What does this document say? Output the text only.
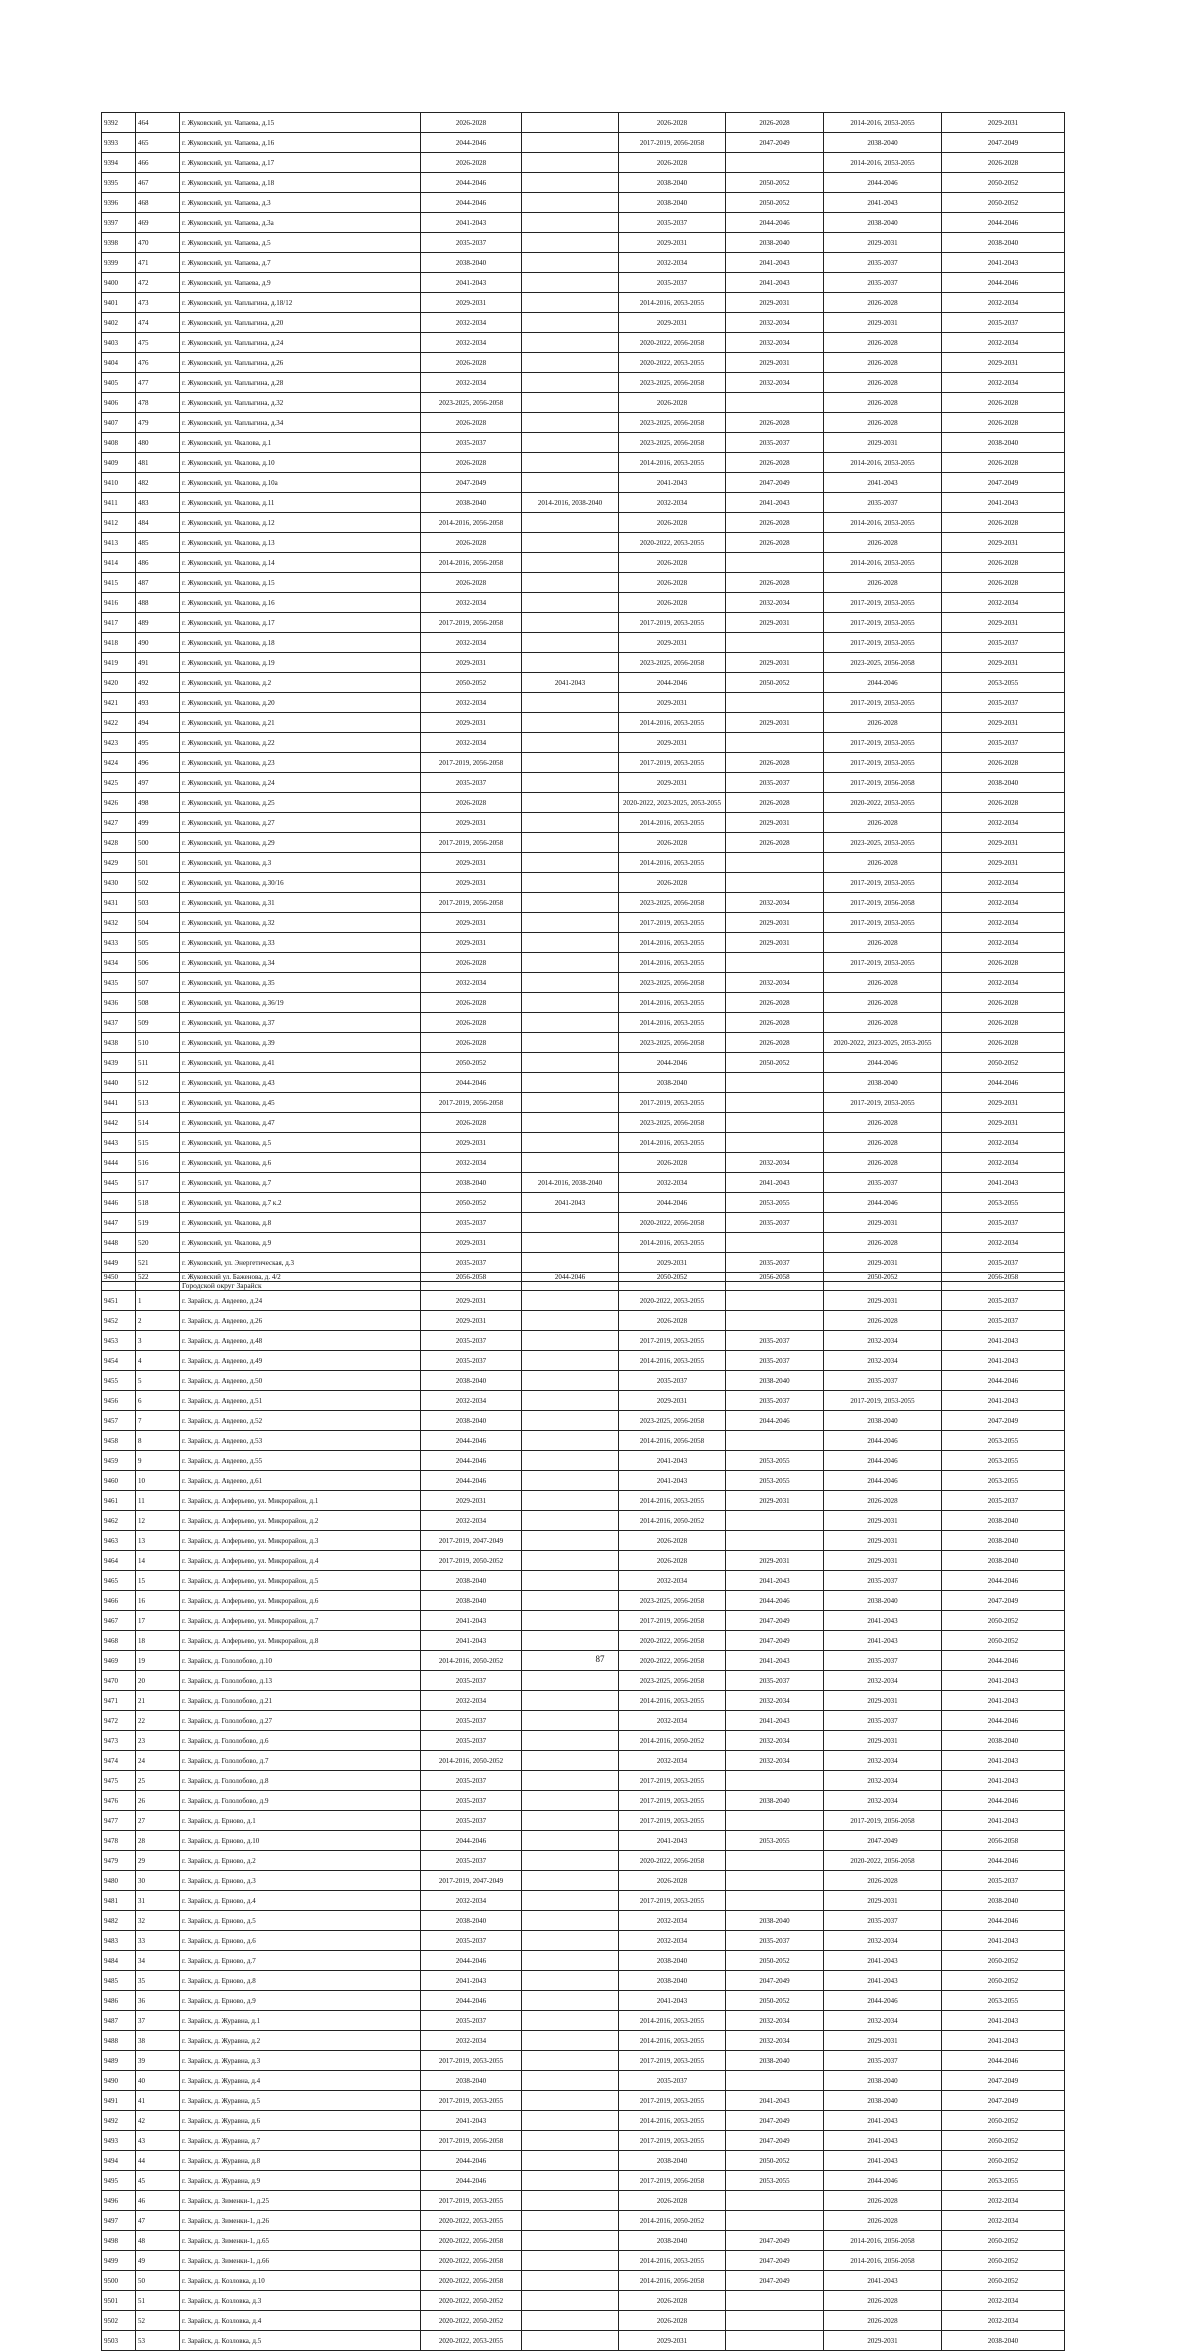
9392	464	г. Жуковский, ул. Чапаева, д.15	2026-2028		2026-2028	2026-2028	2014-2016, 2053-2055	2029-2031
9393	465	г. Жуковский, ул. Чапаева, д.16	2044-2046		2017-2019, 2056-2058	2047-2049	2038-2040	2047-2049
9394	466	г. Жуковский, ул. Чапаева, д.17	2026-2028		2026-2028		2014-2016, 2053-2055	2026-2028
9395	467	г. Жуковский, ул. Чапаева, д.18	2044-2046		2038-2040	2050-2052	2044-2046	2050-2052
9396	468	г. Жуковский, ул. Чапаева, д.3	2044-2046		2038-2040	2050-2052	2041-2043	2050-2052
9397	469	г. Жуковский, ул. Чапаева, д.3а	2041-2043		2035-2037	2044-2046	2038-2040	2044-2046
9398	470	г. Жуковский, ул. Чапаева, д.5	2035-2037		2029-2031	2038-2040	2029-2031	2038-2040
9399	471	г. Жуковский, ул. Чапаева, д.7	2038-2040		2032-2034	2041-2043	2035-2037	2041-2043
9400	472	г. Жуковский, ул. Чапаева, д.9	2041-2043		2035-2037	2041-2043	2035-2037	2044-2046
9401	473	г. Жуковский, ул. Чаплыгина, д.18/12	2029-2031		2014-2016, 2053-2055	2029-2031	2026-2028	2032-2034
9402	474	г. Жуковский, ул. Чаплыгина, д.20	2032-2034		2029-2031	2032-2034	2029-2031	2035-2037
9403	475	г. Жуковский, ул. Чаплыгина, д.24	2032-2034		2020-2022, 2056-2058	2032-2034	2026-2028	2032-2034
9404	476	г. Жуковский, ул. Чаплыгина, д.26	2026-2028		2020-2022, 2053-2055	2029-2031	2026-2028	2029-2031
9405	477	г. Жуковский, ул. Чаплыгина, д.28	2032-2034		2023-2025, 2056-2058	2032-2034	2026-2028	2032-2034
9406	478	г. Жуковский, ул. Чаплыгина, д.32	2023-2025, 2056-2058		2026-2028		2026-2028	2026-2028
9407	479	г. Жуковский, ул. Чаплыгина, д.34	2026-2028		2023-2025, 2056-2058	2026-2028	2026-2028	2026-2028
9408	480	г. Жуковский, ул. Чкалова, д.1	2035-2037		2023-2025, 2056-2058	2035-2037	2029-2031	2038-2040
9409	481	г. Жуковский, ул. Чкалова, д.10	2026-2028		2014-2016, 2053-2055	2026-2028	2014-2016, 2053-2055	2026-2028
9410	482	г. Жуковский, ул. Чкалова, д.10а	2047-2049		2041-2043	2047-2049	2041-2043	2047-2049
9411	483	г. Жуковский, ул. Чкалова, д.11	2038-2040	2014-2016, 2038-2040	2032-2034	2041-2043	2035-2037	2041-2043
9412	484	г. Жуковский, ул. Чкалова, д.12	2014-2016, 2056-2058		2026-2028	2026-2028	2014-2016, 2053-2055	2026-2028
9413	485	г. Жуковский, ул. Чкалова, д.13	2026-2028		2020-2022, 2053-2055	2026-2028	2026-2028	2029-2031
9414	486	г. Жуковский, ул. Чкалова, д.14	2014-2016, 2056-2058		2026-2028		2014-2016, 2053-2055	2026-2028
9415	487	г. Жуковский, ул. Чкалова, д.15	2026-2028		2026-2028	2026-2028	2026-2028	2026-2028
9416	488	г. Жуковский, ул. Чкалова, д.16	2032-2034		2026-2028	2032-2034	2017-2019, 2053-2055	2032-2034
9417	489	г. Жуковский, ул. Чкалова, д.17	2017-2019, 2056-2058		2017-2019, 2053-2055	2029-2031	2017-2019, 2053-2055	2029-2031
9418	490	г. Жуковский, ул. Чкалова, д.18	2032-2034		2029-2031		2017-2019, 2053-2055	2035-2037
9419	491	г. Жуковский, ул. Чкалова, д.19	2029-2031		2023-2025, 2056-2058	2029-2031	2023-2025, 2056-2058	2029-2031
9420	492	г. Жуковский, ул. Чкалова, д.2	2050-2052	2041-2043	2044-2046	2050-2052	2044-2046	2053-2055
9421	493	г. Жуковский, ул. Чкалова, д.20	2032-2034		2029-2031		2017-2019, 2053-2055	2035-2037
9422	494	г. Жуковский, ул. Чкалова, д.21	2029-2031		2014-2016, 2053-2055	2029-2031	2026-2028	2029-2031
9423	495	г. Жуковский, ул. Чкалова, д.22	2032-2034		2029-2031		2017-2019, 2053-2055	2035-2037
9424	496	г. Жуковский, ул. Чкалова, д.23	2017-2019, 2056-2058		2017-2019, 2053-2055	2026-2028	2017-2019, 2053-2055	2026-2028
9425	497	г. Жуковский, ул. Чкалова, д.24	2035-2037		2029-2031	2035-2037	2017-2019, 2056-2058	2038-2040
9426	498	г. Жуковский, ул. Чкалова, д.25	2026-2028		2020-2022, 2023-2025, 2053-2055	2026-2028	2020-2022, 2053-2055	2026-2028
9427	499	г. Жуковский, ул. Чкалова, д.27	2029-2031		2014-2016, 2053-2055	2029-2031	2026-2028	2032-2034
9428	500	г. Жуковский, ул. Чкалова, д.29	2017-2019, 2056-2058		2026-2028	2026-2028	2023-2025, 2053-2055	2029-2031
9429	501	г. Жуковский, ул. Чкалова, д.3	2029-2031		2014-2016, 2053-2055		2026-2028	2029-2031
9430	502	г. Жуковский, ул. Чкалова, д.30/16	2029-2031		2026-2028		2017-2019, 2053-2055	2032-2034
9431	503	г. Жуковский, ул. Чкалова, д.31	2017-2019, 2056-2058		2023-2025, 2056-2058	2032-2034	2017-2019, 2056-2058	2032-2034
9432	504	г. Жуковский, ул. Чкалова, д.32	2029-2031		2017-2019, 2053-2055	2029-2031	2017-2019, 2053-2055	2032-2034
9433	505	г. Жуковский, ул. Чкалова, д.33	2029-2031		2014-2016, 2053-2055	2029-2031	2026-2028	2032-2034
9434	506	г. Жуковский, ул. Чкалова, д.34	2026-2028		2014-2016, 2053-2055		2017-2019, 2053-2055	2026-2028
9435	507	г. Жуковский, ул. Чкалова, д.35	2032-2034		2023-2025, 2056-2058	2032-2034	2026-2028	2032-2034
9436	508	г. Жуковский, ул. Чкалова, д.36/19	2026-2028		2014-2016, 2053-2055	2026-2028	2026-2028	2026-2028
9437	509	г. Жуковский, ул. Чкалова, д.37	2026-2028		2014-2016, 2053-2055	2026-2028	2026-2028	2026-2028
9438	510	г. Жуковский, ул. Чкалова, д.39	2026-2028		2023-2025, 2056-2058	2026-2028	2020-2022, 2023-2025, 2053-2055	2026-2028
9439	511	г. Жуковский, ул. Чкалова, д.41	2050-2052		2044-2046	2050-2052	2044-2046	2050-2052
9440	512	г. Жуковский, ул. Чкалова, д.43	2044-2046		2038-2040		2038-2040	2044-2046
9441	513	г. Жуковский, ул. Чкалова, д.45	2017-2019, 2056-2058		2017-2019, 2053-2055		2017-2019, 2053-2055	2029-2031
9442	514	г. Жуковский, ул. Чкалова, д.47	2026-2028		2023-2025, 2056-2058		2026-2028	2029-2031
9443	515	г. Жуковский, ул. Чкалова, д.5	2029-2031		2014-2016, 2053-2055		2026-2028	2032-2034
9444	516	г. Жуковский, ул. Чкалова, д.6	2032-2034		2026-2028	2032-2034	2026-2028	2032-2034
9445	517	г. Жуковский, ул. Чкалова, д.7	2038-2040	2014-2016, 2038-2040	2032-2034	2041-2043	2035-2037	2041-2043
9446	518	г. Жуковский, ул. Чкалова, д.7 к.2	2050-2052	2041-2043	2044-2046	2053-2055	2044-2046	2053-2055
9447	519	г. Жуковский, ул. Чкалова, д.8	2035-2037		2020-2022, 2056-2058	2035-2037	2029-2031	2035-2037
9448	520	г. Жуковский, ул. Чкалова, д.9	2029-2031		2014-2016, 2053-2055		2026-2028	2032-2034
9449	521	г. Жуковский, ул. Энергетическая, д.3	2035-2037		2029-2031	2035-2037	2029-2031	2035-2037
9450	522	г. Жуковский ул. Баженова, д. 4/2	2056-2058	2044-2046	2050-2052	2056-2058	2050-2052	2056-2058
		Городской округ Зарайск						
9451	1	г. Зарайск, д. Авдеево, д.24	2029-2031		2020-2022, 2053-2055		2029-2031	2035-2037
9452	2	г. Зарайск, д. Авдеево, д.26	2029-2031		2026-2028		2026-2028	2035-2037
9453	3	г. Зарайск, д. Авдеево, д.48	2035-2037		2017-2019, 2053-2055	2035-2037	2032-2034	2041-2043
9454	4	г. Зарайск, д. Авдеево, д.49	2035-2037		2014-2016, 2053-2055	2035-2037	2032-2034	2041-2043
9455	5	г. Зарайск, д. Авдеево, д.50	2038-2040		2035-2037	2038-2040	2035-2037	2044-2046
9456	6	г. Зарайск, д. Авдеево, д.51	2032-2034		2029-2031	2035-2037	2017-2019, 2053-2055	2041-2043
9457	7	г. Зарайск, д. Авдеево, д.52	2038-2040		2023-2025, 2056-2058	2044-2046	2038-2040	2047-2049
9458	8	г. Зарайск, д. Авдеево, д.53	2044-2046		2014-2016, 2056-2058		2044-2046	2053-2055
9459	9	г. Зарайск, д. Авдеево, д.55	2044-2046		2041-2043	2053-2055	2044-2046	2053-2055
9460	10	г. Зарайск, д. Авдеево, д.61	2044-2046		2041-2043	2053-2055	2044-2046	2053-2055
9461	11	г. Зарайск, д. Алферьево, ул. Микрорайон, д.1	2029-2031		2014-2016, 2053-2055	2029-2031	2026-2028	2035-2037
9462	12	г. Зарайск, д. Алферьево, ул. Микрорайон, д.2	2032-2034		2014-2016, 2050-2052		2029-2031	2038-2040
9463	13	г. Зарайск, д. Алферьево, ул. Микрорайон, д.3	2017-2019, 2047-2049		2026-2028		2029-2031	2038-2040
9464	14	г. Зарайск, д. Алферьево, ул. Микрорайон, д.4	2017-2019, 2050-2052		2026-2028	2029-2031	2029-2031	2038-2040
9465	15	г. Зарайск, д. Алферьево, ул. Микрорайон, д.5	2038-2040		2032-2034	2041-2043	2035-2037	2044-2046
9466	16	г. Зарайск, д. Алферьево, ул. Микрорайон, д.6	2038-2040		2023-2025, 2056-2058	2044-2046	2038-2040	2047-2049
9467	17	г. Зарайск, д. Алферьево, ул. Микрорайон, д.7	2041-2043		2017-2019, 2056-2058	2047-2049	2041-2043	2050-2052
9468	18	г. Зарайск, д. Алферьево, ул. Микрорайон, д.8	2041-2043		2020-2022, 2056-2058	2047-2049	2041-2043	2050-2052
9469	19	г. Зарайск, д. Гололобово, д.10	2014-2016, 2050-2052		2020-2022, 2056-2058	2041-2043	2035-2037	2044-2046
9470	20	г. Зарайск, д. Гололобово, д.13	2035-2037		2023-2025, 2056-2058	2035-2037	2032-2034	2041-2043
9471	21	г. Зарайск, д. Гололобово, д.21	2032-2034		2014-2016, 2053-2055	2032-2034	2029-2031	2041-2043
9472	22	г. Зарайск, д. Гололобово, д.27	2035-2037		2032-2034	2041-2043	2035-2037	2044-2046
9473	23	г. Зарайск, д. Гололобово, д.6	2035-2037		2014-2016, 2050-2052	2032-2034	2029-2031	2038-2040
9474	24	г. Зарайск, д. Гололобово, д.7	2014-2016, 2050-2052		2032-2034	2032-2034	2032-2034	2041-2043
9475	25	г. Зарайск, д. Гололобово, д.8	2035-2037		2017-2019, 2053-2055		2032-2034	2041-2043
9476	26	г. Зарайск, д. Гололобово, д.9	2035-2037		2017-2019, 2053-2055	2038-2040	2032-2034	2044-2046
9477	27	г. Зарайск, д. Ерново, д.1	2035-2037		2017-2019, 2053-2055		2017-2019, 2056-2058	2041-2043
9478	28	г. Зарайск, д. Ерново, д.10	2044-2046		2041-2043	2053-2055	2047-2049	2056-2058
9479	29	г. Зарайск, д. Ерново, д.2	2035-2037		2020-2022, 2056-2058		2020-2022, 2056-2058	2044-2046
9480	30	г. Зарайск, д. Ерново, д.3	2017-2019, 2047-2049		2026-2028		2026-2028	2035-2037
9481	31	г. Зарайск, д. Ерново, д.4	2032-2034		2017-2019, 2053-2055		2029-2031	2038-2040
9482	32	г. Зарайск, д. Ерново, д.5	2038-2040		2032-2034	2038-2040	2035-2037	2044-2046
9483	33	г. Зарайск, д. Ерново, д.6	2035-2037		2032-2034	2035-2037	2032-2034	2041-2043
9484	34	г. Зарайск, д. Ерново, д.7	2044-2046		2038-2040	2050-2052	2041-2043	2050-2052
9485	35	г. Зарайск, д. Ерново, д.8	2041-2043		2038-2040	2047-2049	2041-2043	2050-2052
9486	36	г. Зарайск, д. Ерново, д.9	2044-2046		2041-2043	2050-2052	2044-2046	2053-2055
9487	37	г. Зарайск, д. Журавна, д.1	2035-2037		2014-2016, 2053-2055	2032-2034	2032-2034	2041-2043
9488	38	г. Зарайск, д. Журавна, д.2	2032-2034		2014-2016, 2053-2055	2032-2034	2029-2031	2041-2043
9489	39	г. Зарайск, д. Журавна, д.3	2017-2019, 2053-2055		2017-2019, 2053-2055	2038-2040	2035-2037	2044-2046
9490	40	г. Зарайск, д. Журавна, д.4	2038-2040		2035-2037		2038-2040	2047-2049
9491	41	г. Зарайск, д. Журавна, д.5	2017-2019, 2053-2055		2017-2019, 2053-2055	2041-2043	2038-2040	2047-2049
9492	42	г. Зарайск, д. Журавна, д.6	2041-2043		2014-2016, 2053-2055	2047-2049	2041-2043	2050-2052
9493	43	г. Зарайск, д. Журавна, д.7	2017-2019, 2056-2058		2017-2019, 2053-2055	2047-2049	2041-2043	2050-2052
9494	44	г. Зарайск, д. Журавна, д.8	2044-2046		2038-2040	2050-2052	2041-2043	2050-2052
9495	45	г. Зарайск, д. Журавна, д.9	2044-2046		2017-2019, 2056-2058	2053-2055	2044-2046	2053-2055
9496	46	г. Зарайск, д. Зименки-1, д.25	2017-2019, 2053-2055		2026-2028		2026-2028	2032-2034
9497	47	г. Зарайск, д. Зименки-1, д.26	2020-2022, 2053-2055		2014-2016, 2050-2052		2026-2028	2032-2034
9498	48	г. Зарайск, д. Зименки-1, д.65	2020-2022, 2056-2058		2038-2040	2047-2049	2014-2016, 2056-2058	2050-2052
9499	49	г. Зарайск, д. Зименки-1, д.66	2020-2022, 2056-2058		2014-2016, 2053-2055	2047-2049	2014-2016, 2056-2058	2050-2052
9500	50	г. Зарайск, д. Козловка, д.10	2020-2022, 2056-2058		2014-2016, 2056-2058	2047-2049	2041-2043	2050-2052
9501	51	г. Зарайск, д. Козловка, д.3	2020-2022, 2050-2052		2026-2028		2026-2028	2032-2034
9502	52	г. Зарайск, д. Козловка, д.4	2020-2022, 2050-2052		2026-2028		2026-2028	2032-2034
9503	53	г. Зарайск, д. Козловка, д.5	2020-2022, 2053-2055		2029-2031		2029-2031	2038-2040
87
